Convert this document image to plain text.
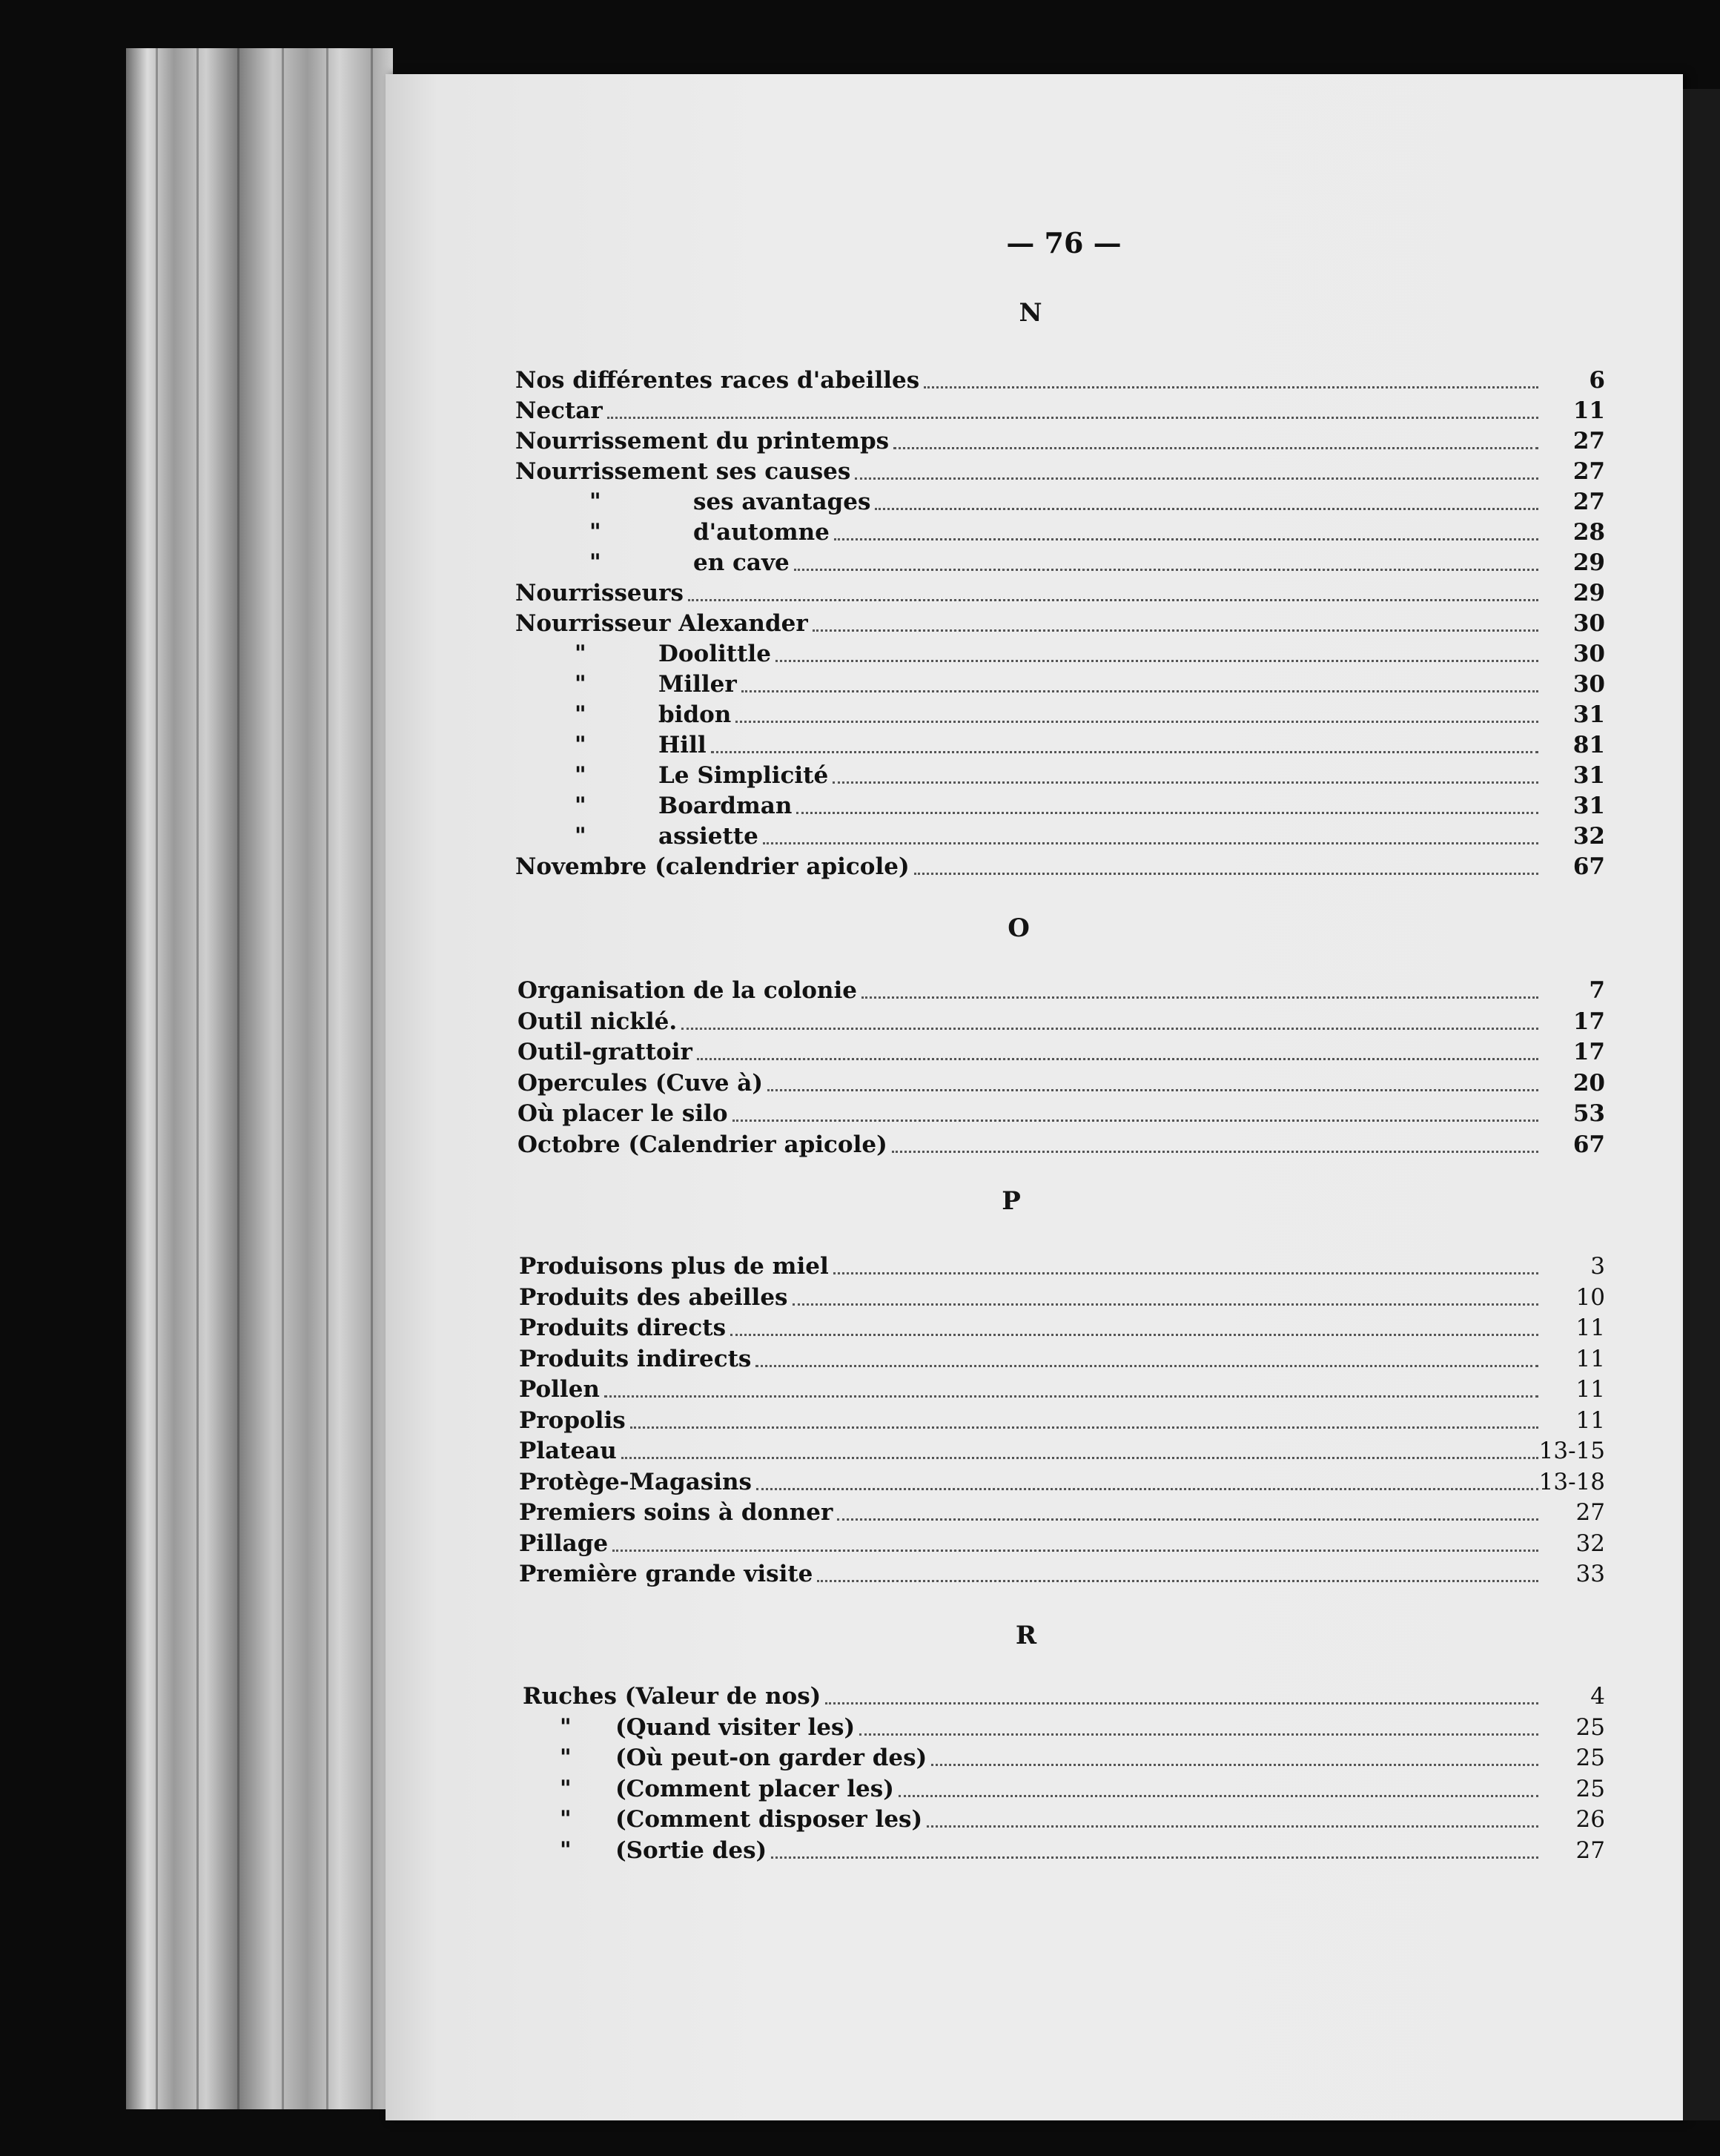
— 76 —
N
Nos différentes races d'abeilles	6
Nectar	11
Nourrissement du printemps	27
Nourrissement ses causes	27
"	ses avantages	27
"	d'automne	28
"	en cave	29
Nourrisseurs	29
Nourrisseur Alexander	30
"	Doolittle	30
"	Miller	30
"	bidon	31
"	Hill	81
"	Le Simplicité	31
"	Boardman	31
"	assiette	32
Novembre (calendrier apicole)	67
O
Organisation de la colonie	7
Outil nicklé.	17
Outil-grattoir	17
Opercules (Cuve à)	20
Où placer le silo	53
Octobre (Calendrier apicole)	67
P
Produisons plus de miel	3
Produits des abeilles	10
Produits directs	11
Produits indirects	11
Pollen	11
Propolis	11
Plateau	13-15
Protège-Magasins	13-18
Premiers soins à donner	27
Pillage	32
Première grande visite	33
R
Ruches (Valeur de nos)	4
" (Quand visiter les)	25
" (Où peut-on garder des)	25
" (Comment placer les)	25
" (Comment disposer les)	26
" (Sortie des)	27
